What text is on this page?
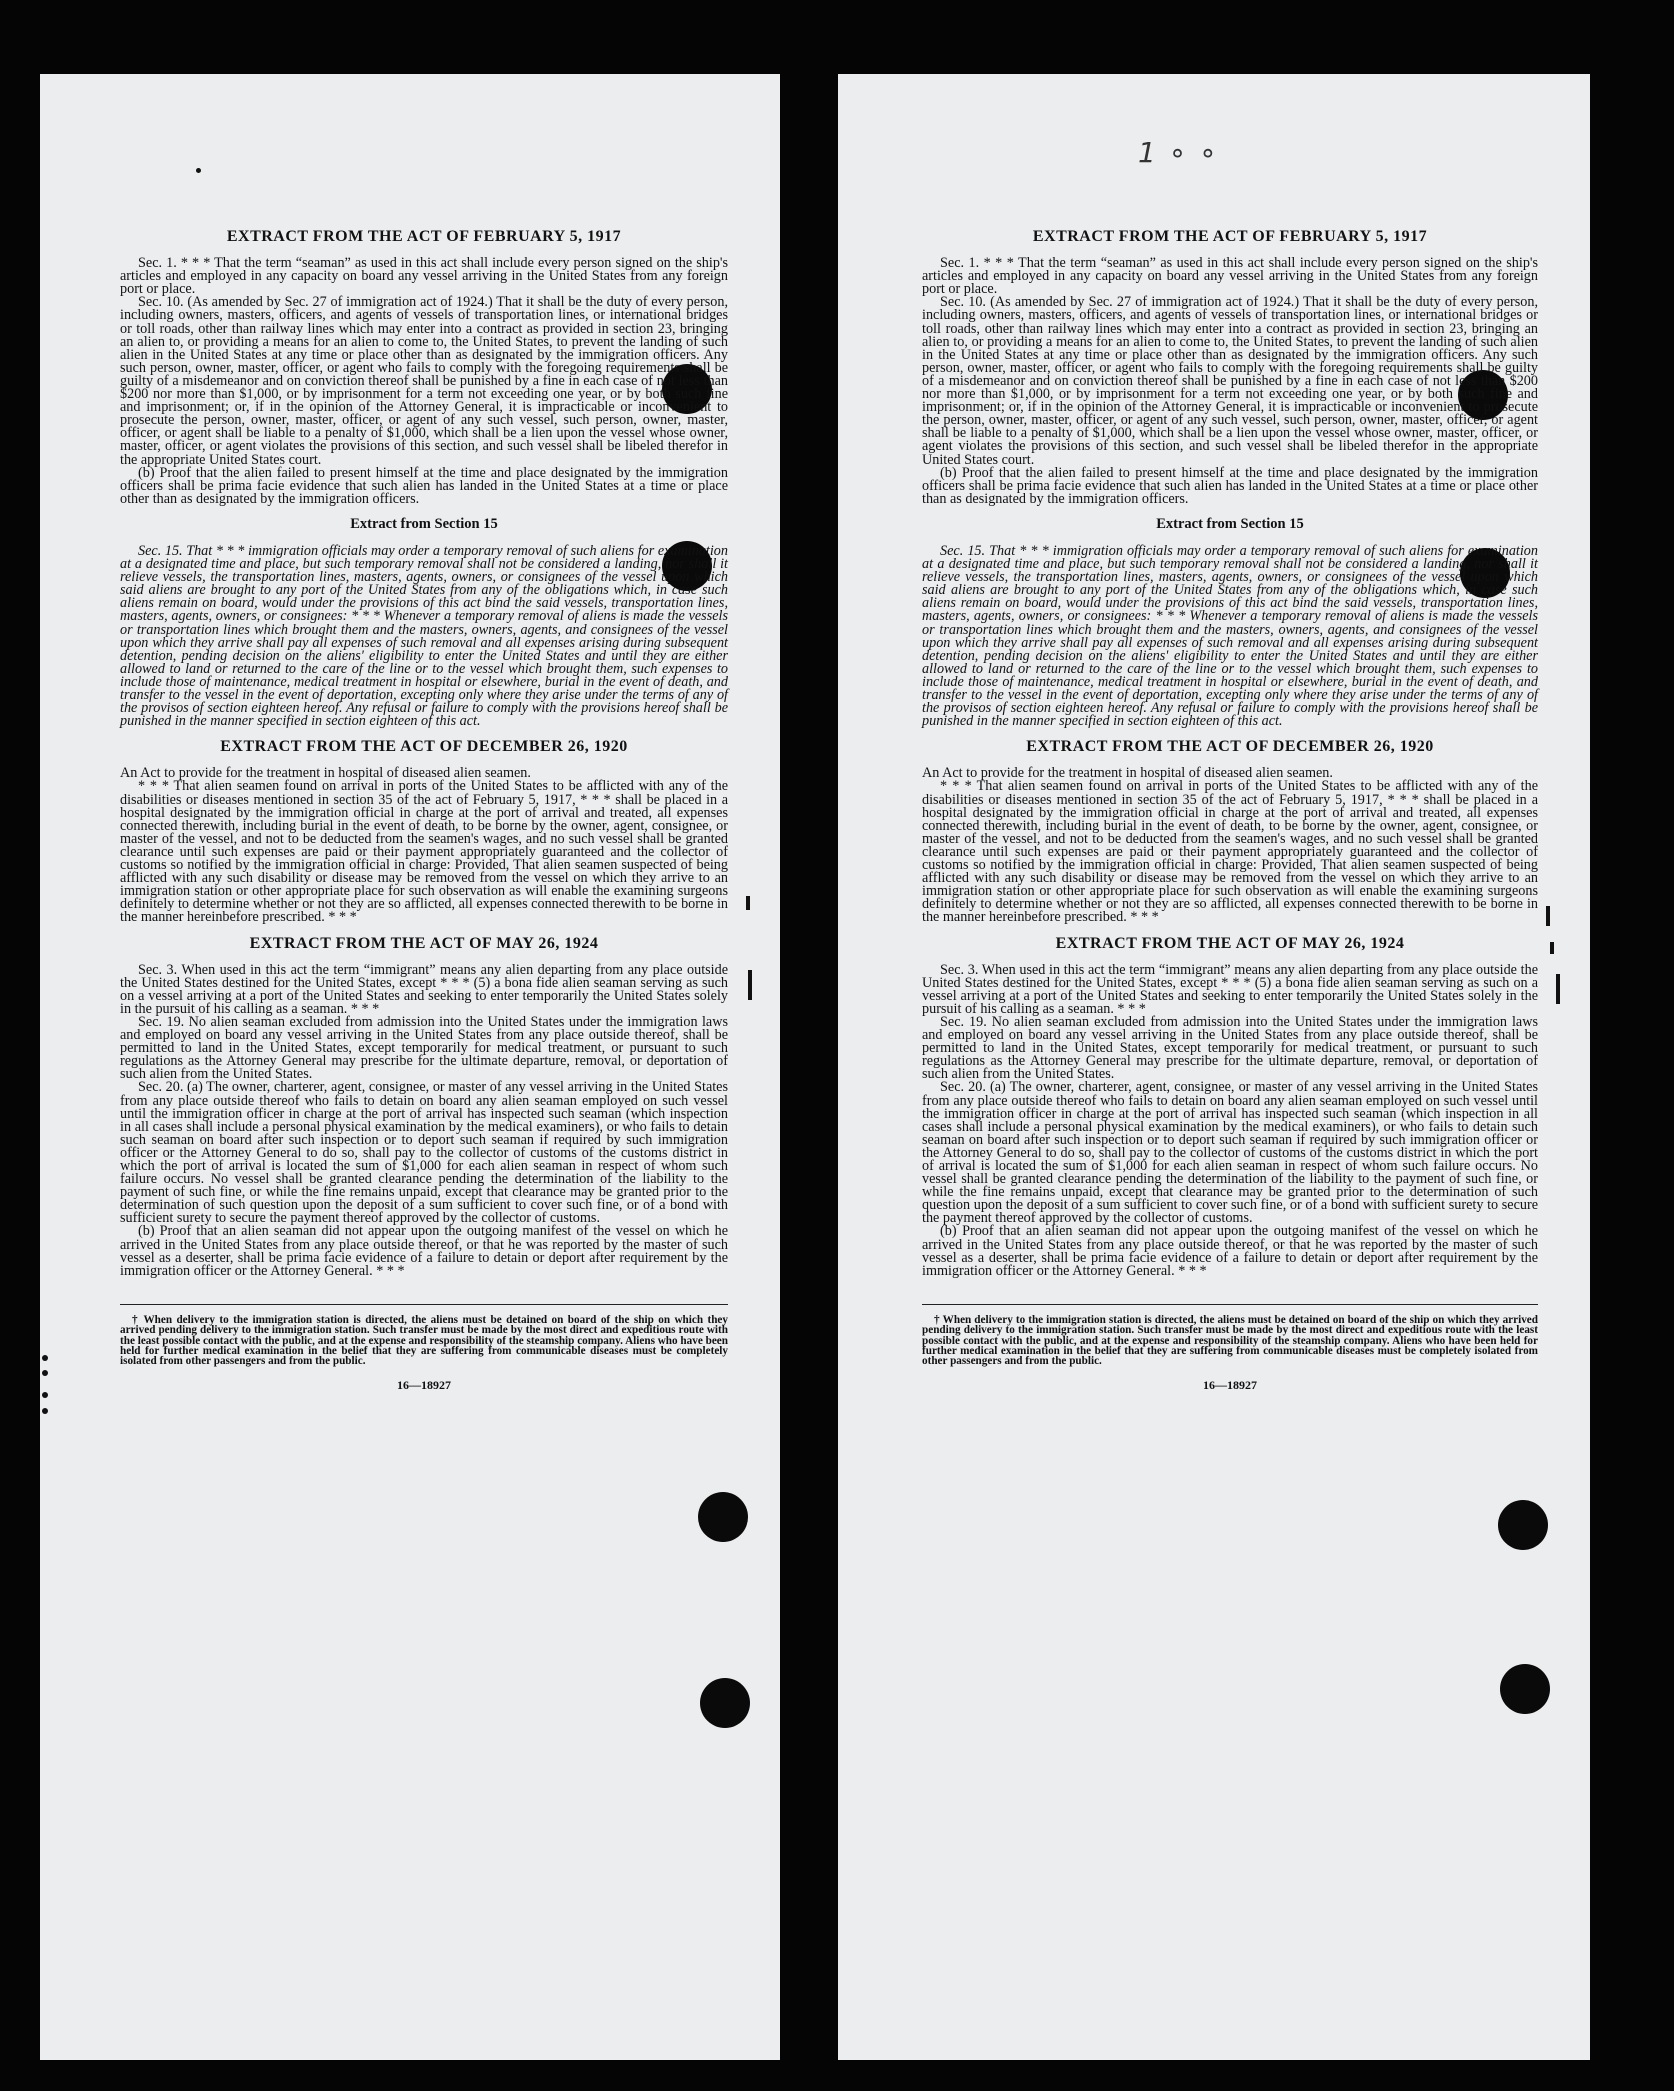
EXTRACT FROM THE ACT OF FEBRUARY 5, 1917

Sec. 1. * * * That the term “seaman” as used in this act shall include every person signed on the ship's articles and employed in any capacity on board any vessel arriving in the United States from any foreign port or place.

Sec. 10. (As amended by Sec. 27 of immigration act of 1924.) That it shall be the duty of every person, including owners, masters, officers, and agents of vessels of transportation lines, or international bridges or toll roads, other than railway lines which may enter into a contract as provided in section 23, bringing an alien to, or providing a means for an alien to come to, the United States, to prevent the landing of such alien in the United States at any time or place other than as designated by the immigration officers. Any such person, owner, master, officer, or agent who fails to comply with the foregoing requirements shall be guilty of a misdemeanor and on conviction thereof shall be punished by a fine in each case of not less than $200 nor more than $1,000, or by imprisonment for a term not exceeding one year, or by both such fine and imprisonment; or, if in the opinion of the Attorney General, it is impracticable or inconvenient to prosecute the person, owner, master, officer, or agent of any such vessel, such person, owner, master, officer, or agent shall be liable to a penalty of $1,000, which shall be a lien upon the vessel whose owner, master, officer, or agent violates the provisions of this section, and such vessel shall be libeled therefor in the appropriate United States court.

(b) Proof that the alien failed to present himself at the time and place designated by the immigration officers shall be prima facie evidence that such alien has landed in the United States at a time or place other than as designated by the immigration officers.

Extract from Section 15

Sec. 15. That * * * immigration officials may order a temporary removal of such aliens for examination at a designated time and place, but such temporary removal shall not be considered a landing, nor shall it relieve vessels, the transportation lines, masters, agents, owners, or consignees of the vessel upon which said aliens are brought to any port of the United States from any of the obligations which, in case such aliens remain on board, would under the provisions of this act bind the said vessels, transportation lines, masters, agents, owners, or consignees: * * * Whenever a temporary removal of aliens is made the vessels or transportation lines which brought them and the masters, owners, agents, and consignees of the vessel upon which they arrive shall pay all expenses of such removal and all expenses arising during subsequent detention, pending decision on the aliens' eligibility to enter the United States and until they are either allowed to land or returned to the care of the line or to the vessel which brought them, such expenses to include those of maintenance, medical treatment in hospital or elsewhere, burial in the event of death, and transfer to the vessel in the event of deportation, excepting only where they arise under the terms of any of the provisos of section eighteen hereof. Any refusal or failure to comply with the provisions hereof shall be punished in the manner specified in section eighteen of this act.

EXTRACT FROM THE ACT OF DECEMBER 26, 1920

An Act to provide for the treatment in hospital of diseased alien seamen.

* * * That alien seamen found on arrival in ports of the United States to be afflicted with any of the disabilities or diseases mentioned in section 35 of the act of February 5, 1917, * * * shall be placed in a hospital designated by the immigration official in charge at the port of arrival and treated, all expenses connected therewith, including burial in the event of death, to be borne by the owner, agent, consignee, or master of the vessel, and not to be deducted from the seamen's wages, and no such vessel shall be granted clearance until such expenses are paid or their payment appropriately guaranteed and the collector of customs so notified by the immigration official in charge: Provided, That alien seamen suspected of being afflicted with any such disability or disease may be removed from the vessel on which they arrive to an immigration station or other appropriate place for such observation as will enable the examining surgeons definitely to determine whether or not they are so afflicted, all expenses connected therewith to be borne in the manner hereinbefore prescribed. * * *

EXTRACT FROM THE ACT OF MAY 26, 1924

Sec. 3. When used in this act the term “immigrant” means any alien departing from any place outside the United States destined for the United States, except * * * (5) a bona fide alien seaman serving as such on a vessel arriving at a port of the United States and seeking to enter temporarily the United States solely in the pursuit of his calling as a seaman. * * *

Sec. 19. No alien seaman excluded from admission into the United States under the immigration laws and employed on board any vessel arriving in the United States from any place outside thereof, shall be permitted to land in the United States, except temporarily for medical treatment, or pursuant to such regulations as the Attorney General may prescribe for the ultimate departure, removal, or deportation of such alien from the United States.

Sec. 20. (a) The owner, charterer, agent, consignee, or master of any vessel arriving in the United States from any place outside thereof who fails to detain on board any alien seaman employed on such vessel until the immigration officer in charge at the port of arrival has inspected such seaman (which inspection in all cases shall include a personal physical examination by the medical examiners), or who fails to detain such seaman on board after such inspection or to deport such seaman if required by such immigration officer or the Attorney General to do so, shall pay to the collector of customs of the customs district in which the port of arrival is located the sum of $1,000 for each alien seaman in respect of whom such failure occurs. No vessel shall be granted clearance pending the determination of the liability to the payment of such fine, or while the fine remains unpaid, except that clearance may be granted prior to the determination of such question upon the deposit of a sum sufficient to cover such fine, or of a bond with sufficient surety to secure the payment thereof approved by the collector of customs.

(b) Proof that an alien seaman did not appear upon the outgoing manifest of the vessel on which he arrived in the United States from any place outside thereof, or that he was reported by the master of such vessel as a deserter, shall be prima facie evidence of a failure to detain or deport after requirement by the immigration officer or the Attorney General. * * *

† When delivery to the immigration station is directed, the aliens must be detained on board of the ship on which they arrived pending delivery to the immigration station. Such transfer must be made by the most direct and expeditious route with the least possible contact with the public, and at the expense and responsibility of the steamship company. Aliens who have been held for further medical examination in the belief that they are suffering from communicable diseases must be completely isolated from other passengers and from the public.

16—18927
1 ∘ ∘
EXTRACT FROM THE ACT OF FEBRUARY 5, 1917

Sec. 1. * * * That the term “seaman” as used in this act shall include every person signed on the ship's articles and employed in any capacity on board any vessel arriving in the United States from any foreign port or place.

Sec. 10. (As amended by Sec. 27 of immigration act of 1924.) That it shall be the duty of every person, including owners, masters, officers, and agents of vessels of transportation lines, or international bridges or toll roads, other than railway lines which may enter into a contract as provided in section 23, bringing an alien to, or providing a means for an alien to come to, the United States, to prevent the landing of such alien in the United States at any time or place other than as designated by the immigration officers. Any such person, owner, master, officer, or agent who fails to comply with the foregoing requirements shall be guilty of a misdemeanor and on conviction thereof shall be punished by a fine in each case of not less than $200 nor more than $1,000, or by imprisonment for a term not exceeding one year, or by both such fine and imprisonment; or, if in the opinion of the Attorney General, it is impracticable or inconvenient to prosecute the person, owner, master, officer, or agent of any such vessel, such person, owner, master, officer, or agent shall be liable to a penalty of $1,000, which shall be a lien upon the vessel whose owner, master, officer, or agent violates the provisions of this section, and such vessel shall be libeled therefor in the appropriate United States court.

(b) Proof that the alien failed to present himself at the time and place designated by the immigration officers shall be prima facie evidence that such alien has landed in the United States at a time or place other than as designated by the immigration officers.

Extract from Section 15

Sec. 15. That * * * immigration officials may order a temporary removal of such aliens for examination at a designated time and place, but such temporary removal shall not be considered a landing, nor shall it relieve vessels, the transportation lines, masters, agents, owners, or consignees of the vessel upon which said aliens are brought to any port of the United States from any of the obligations which, in case such aliens remain on board, would under the provisions of this act bind the said vessels, transportation lines, masters, agents, owners, or consignees: * * * Whenever a temporary removal of aliens is made the vessels or transportation lines which brought them and the masters, owners, agents, and consignees of the vessel upon which they arrive shall pay all expenses of such removal and all expenses arising during subsequent detention, pending decision on the aliens' eligibility to enter the United States and until they are either allowed to land or returned to the care of the line or to the vessel which brought them, such expenses to include those of maintenance, medical treatment in hospital or elsewhere, burial in the event of death, and transfer to the vessel in the event of deportation, excepting only where they arise under the terms of any of the provisos of section eighteen hereof. Any refusal or failure to comply with the provisions hereof shall be punished in the manner specified in section eighteen of this act.

EXTRACT FROM THE ACT OF DECEMBER 26, 1920

An Act to provide for the treatment in hospital of diseased alien seamen.

* * * That alien seamen found on arrival in ports of the United States to be afflicted with any of the disabilities or diseases mentioned in section 35 of the act of February 5, 1917, * * * shall be placed in a hospital designated by the immigration official in charge at the port of arrival and treated, all expenses connected therewith, including burial in the event of death, to be borne by the owner, agent, consignee, or master of the vessel, and not to be deducted from the seamen's wages, and no such vessel shall be granted clearance until such expenses are paid or their payment appropriately guaranteed and the collector of customs so notified by the immigration official in charge: Provided, That alien seamen suspected of being afflicted with any such disability or disease may be removed from the vessel on which they arrive to an immigration station or other appropriate place for such observation as will enable the examining surgeons definitely to determine whether or not they are so afflicted, all expenses connected therewith to be borne in the manner hereinbefore prescribed. * * *

EXTRACT FROM THE ACT OF MAY 26, 1924

Sec. 3. When used in this act the term “immigrant” means any alien departing from any place outside the United States destined for the United States, except * * * (5) a bona fide alien seaman serving as such on a vessel arriving at a port of the United States and seeking to enter temporarily the United States solely in the pursuit of his calling as a seaman. * * *

Sec. 19. No alien seaman excluded from admission into the United States under the immigration laws and employed on board any vessel arriving in the United States from any place outside thereof, shall be permitted to land in the United States, except temporarily for medical treatment, or pursuant to such regulations as the Attorney General may prescribe for the ultimate departure, removal, or deportation of such alien from the United States.

Sec. 20. (a) The owner, charterer, agent, consignee, or master of any vessel arriving in the United States from any place outside thereof who fails to detain on board any alien seaman employed on such vessel until the immigration officer in charge at the port of arrival has inspected such seaman (which inspection in all cases shall include a personal physical examination by the medical examiners), or who fails to detain such seaman on board after such inspection or to deport such seaman if required by such immigration officer or the Attorney General to do so, shall pay to the collector of customs of the customs district in which the port of arrival is located the sum of $1,000 for each alien seaman in respect of whom such failure occurs. No vessel shall be granted clearance pending the determination of the liability to the payment of such fine, or while the fine remains unpaid, except that clearance may be granted prior to the determination of such question upon the deposit of a sum sufficient to cover such fine, or of a bond with sufficient surety to secure the payment thereof approved by the collector of customs.

(b) Proof that an alien seaman did not appear upon the outgoing manifest of the vessel on which he arrived in the United States from any place outside thereof, or that he was reported by the master of such vessel as a deserter, shall be prima facie evidence of a failure to detain or deport after requirement by the immigration officer or the Attorney General. * * *

† When delivery to the immigration station is directed, the aliens must be detained on board of the ship on which they arrived pending delivery to the immigration station. Such transfer must be made by the most direct and expeditious route with the least possible contact with the public, and at the expense and responsibility of the steamship company. Aliens who have been held for further medical examination in the belief that they are suffering from communicable diseases must be completely isolated from other passengers and from the public.

16—18927
